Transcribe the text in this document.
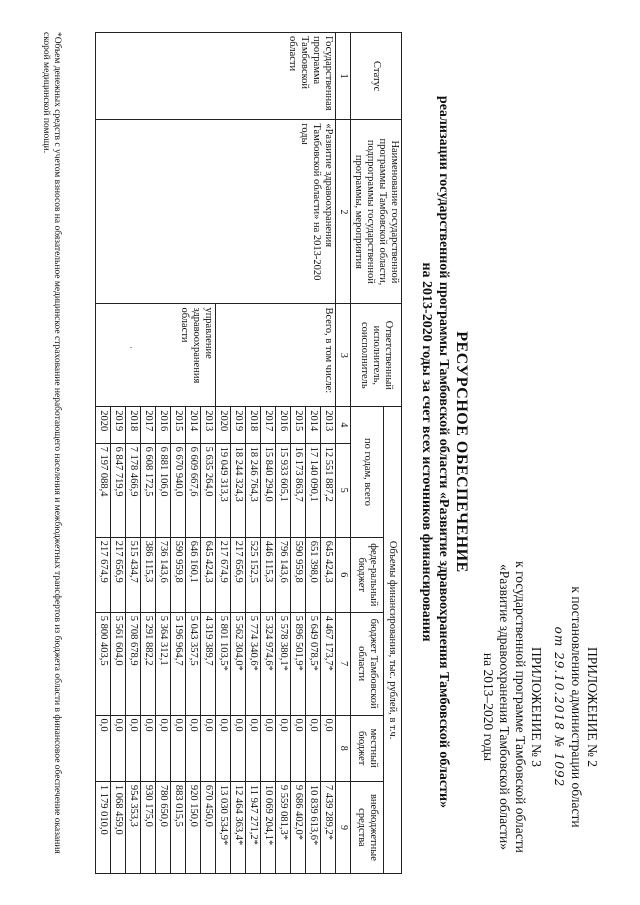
ПРИЛОЖЕНИЕ № 2
к постановлению администрации области
от 29.10.2018 № 1092
ПРИЛОЖЕНИЕ № 3
к государственной программе Тамбовской области
«Развитие здравоохранения Тамбовской области»
на 2013–2020 годы
РЕСУРСНОЕ ОБЕСПЕЧЕНИЕ
реализации государственной программы Тамбовской области «Развитие здравоохранения Тамбовской области»
на 2013-2020 годы за счет всех источников финансирования
Статус	Наименование государственной программы Тамбовской области, подпрограммы государственной программы, мероприятия	Ответственный исполнитель, соисполнитель	Объемы финансирования, тыс. рублей, в т.ч.					
			по годам, всего		феде-ральный бюджет	бюджет Тамбовской области	местный бюджет	внебюджетные средства
1	2	3	4	5	6	7	8	9
Государственная программа Тамбовской области	«Развитие здравоохранения Тамбовской области» на 2013-2020 годы	Всего, в том числе:	2013	12 551 887,2	645 424,3	4 467 173,7*	0,0	7 439 289,2*
			2014	17 140 090,1	651 398,0	5 649 078,5*	0,0	10 839 613,6*
			2015	16 173 863,7	590 959,8	5 896 501,9*	0,0	9 686 402,0*
			2016	15 933 605,1	796 143,6	5 578 380,1*	0,0	9 559 081,3*
			2017	15 840 294,0	446 115,3	5 324 974,6*	0,0	10 069 204,1*
			2018	18 246 764,3	525 152,5	5 774 340,6*	0,0	11 947 271,2*
			2019	18 244 324,3	217 656,9	5 562 304,0*	0,0	12 464 363,4*
			2020	19 049 313,3	217 674,9	5 801 103,5*	0,0	13 030 534,9*
		управление здравоохранения области	2013	5 635 264,0	645 424,3	4 319 389,7	0,0	670 450,0
			2014	6 609 667,6	646 160,1	5 043 357,5	0,0	920 150,0
			2015	6 670 940,0	590 959,8	5 196 964,7	0,0	883 015,5
			2016	6 881 106,0	736 143,6	5 364 312,1	0,0	780 650,0
			2017	6 608 172,5	386 115,3	5 291 882,2	0,0	930 175,0
			2018	7 178 466,9	515 434,7	5 708 678,9	0,0	954 353,3
			2019	6 847 719,9	217 656,9	5 561 604,0	0,0	1 068 459,0
			2020	7 197 088,4	217 674,9	5 800 403,5	0,0	1 179 010,0
*Объем денежных средств с учетом взносов на обязательное медицинское страхование неработающего населения и межбюджетных трансфертов из бюджета области в финансовое обеспечение оказания скорой медицинской помощи.
